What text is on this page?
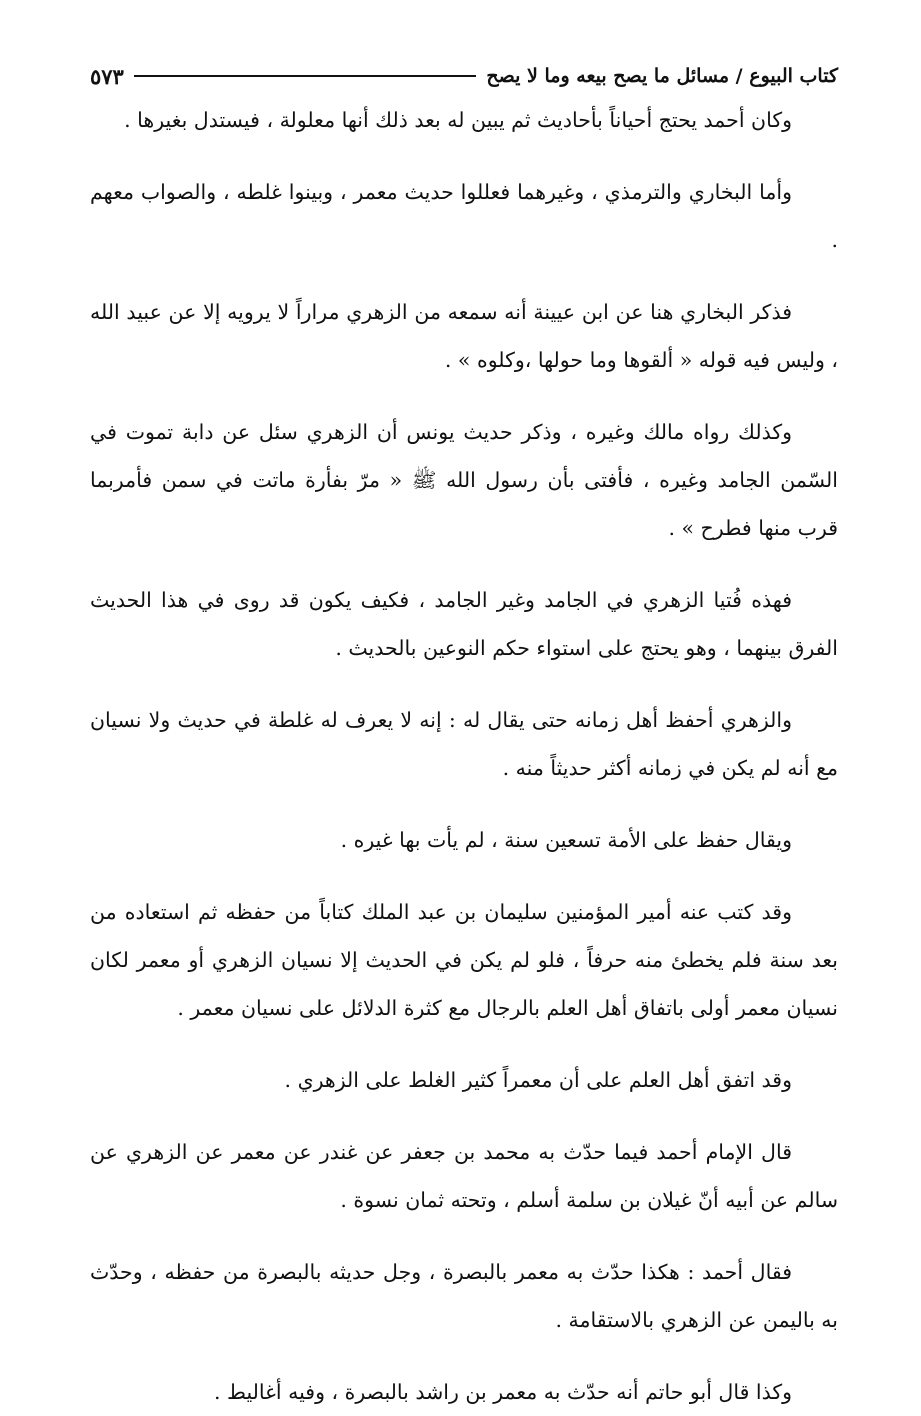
كتاب البيوع / مسائل ما يصح بيعه وما لا يصح
٥٧٣

وكان أحمد يحتج أحياناً بأحاديث ثم يبين له بعد ذلك أنها معلولة ، فيستدل بغيرها .

وأما البخاري والترمذي ، وغيرهما فعللوا حديث معمر ، وبينوا غلطه ، والصواب معهم .

فذكر البخاري هنا عن ابن عيينة أنه سمعه من الزهري مراراً لا يرويه إلا عن عبيد الله ، وليس فيه قوله « ألقوها وما حولها ،وكلوه » .

وكذلك رواه مالك وغيره ، وذكر حديث يونس أن الزهري سئل عن دابة تموت في السّمن الجامد وغيره ، فأفتى بأن رسول الله ﷺ « مرّ بفأرة ماتت في سمن فأمربما قرب منها فطرح » .

فهذه فُتيا الزهري في الجامد وغير الجامد ، فكيف يكون قد روى في هذا الحديث الفرق بينهما ، وهو يحتج على استواء حكم النوعين بالحديث .

والزهري أحفظ أهل زمانه حتى يقال له : إنه لا يعرف له غلطة في حديث ولا نسيان مع أنه لم يكن في زمانه أكثر حديثاً منه .

ويقال حفظ على الأمة تسعين سنة ، لم يأت بها غيره .

وقد كتب عنه أمير المؤمنين سليمان بن عبد الملك كتاباً من حفظه ثم استعاده من بعد سنة فلم يخطئ منه حرفاً ، فلو لم يكن في الحديث إلا نسيان الزهري أو معمر لكان نسيان معمر أولى باتفاق أهل العلم بالرجال مع كثرة الدلائل على نسيان معمر .

وقد اتفق أهل العلم على أن معمراً كثير الغلط على الزهري .

قال الإمام أحمد فيما حدّث به محمد بن جعفر عن غندر عن معمر عن الزهري عن سالم عن أبيه أنّ غيلان بن سلمة أسلم ، وتحته ثمان نسوة .

فقال أحمد : هكذا حدّث به معمر بالبصرة ، وجل حديثه بالبصرة من حفظه ، وحدّث به باليمن عن الزهري بالاستقامة .

وكذا قال أبو حاتم أنه حدّث به معمر بن راشد بالبصرة ، وفيه أغاليط .
